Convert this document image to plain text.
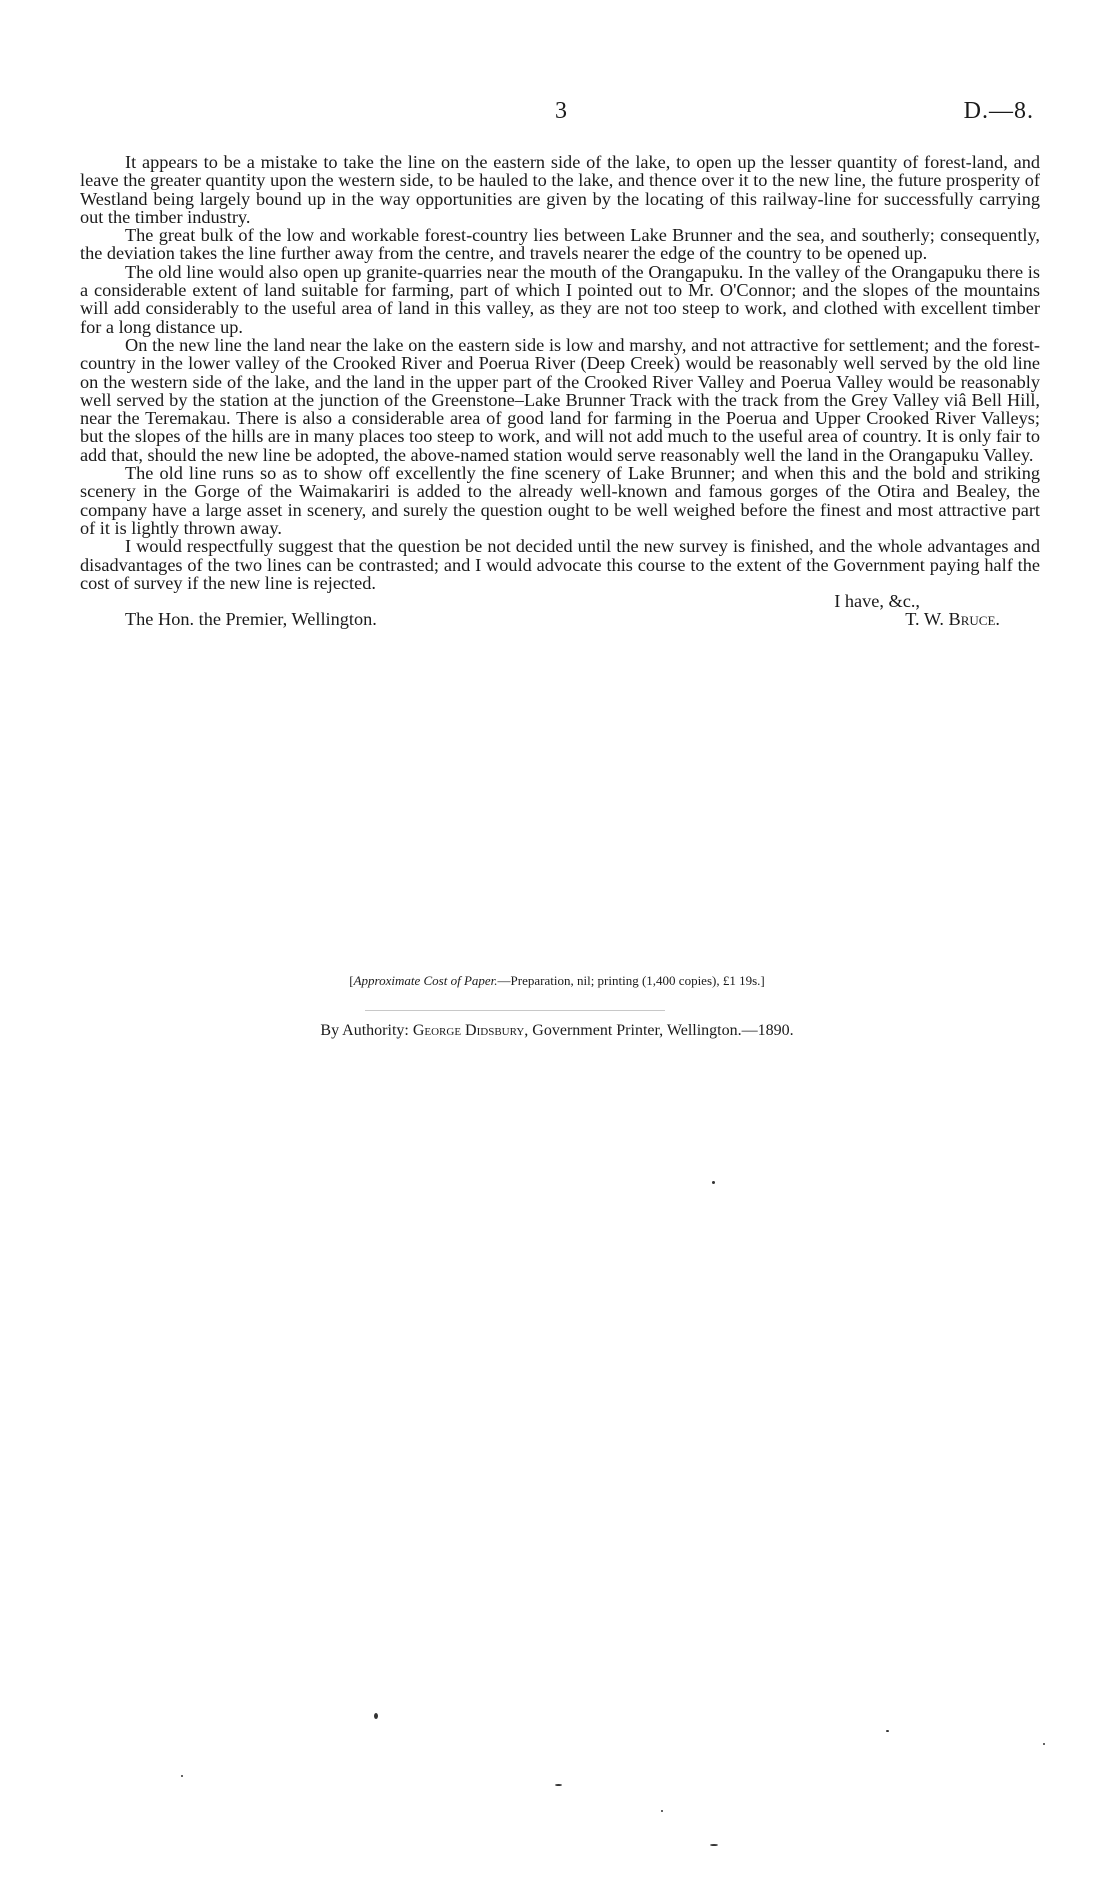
3	D.—8.

It appears to be a mistake to take the line on the eastern side of the lake, to open up the lesser quantity of forest-land, and leave the greater quantity upon the western side, to be hauled to the lake, and thence over it to the new line, the future prosperity of Westland being largely bound up in the way opportunities are given by the locating of this railway-line for successfully carrying out the timber industry.

The great bulk of the low and workable forest-country lies between Lake Brunner and the sea, and southerly; consequently, the deviation takes the line further away from the centre, and travels nearer the edge of the country to be opened up.

The old line would also open up granite-quarries near the mouth of the Orangapuku. In the valley of the Orangapuku there is a considerable extent of land suitable for farming, part of which I pointed out to Mr. O'Connor; and the slopes of the mountains will add considerably to the useful area of land in this valley, as they are not too steep to work, and clothed with excellent timber for a long distance up.

On the new line the land near the lake on the eastern side is low and marshy, and not attractive for settlement; and the forest-country in the lower valley of the Crooked River and Poerua River (Deep Creek) would be reasonably well served by the old line on the western side of the lake, and the land in the upper part of the Crooked River Valley and Poerua Valley would be reasonably well served by the station at the junction of the Greenstone–Lake Brunner Track with the track from the Grey Valley viâ Bell Hill, near the Teremakau. There is also a considerable area of good land for farming in the Poerua and Upper Crooked River Valleys; but the slopes of the hills are in many places too steep to work, and will not add much to the useful area of country. It is only fair to add that, should the new line be adopted, the above-named station would serve reasonably well the land in the Orangapuku Valley.

The old line runs so as to show off excellently the fine scenery of Lake Brunner; and when this and the bold and striking scenery in the Gorge of the Waimakariri is added to the already well-known and famous gorges of the Otira and Bealey, the company have a large asset in scenery, and surely the question ought to be well weighed before the finest and most attractive part of it is lightly thrown away.

I would respectfully suggest that the question be not decided until the new survey is finished, and the whole advantages and disadvantages of the two lines can be contrasted; and I would advocate this course to the extent of the Government paying half the cost of survey if the new line is rejected.

I have, &c.,
The Hon. the Premier, Wellington.	T. W. Bruce.
[Approximate Cost of Paper.—Preparation, nil; printing (1,400 copies), £1 19s.]
By Authority: George Didsbury, Government Printer, Wellington.—1890.
